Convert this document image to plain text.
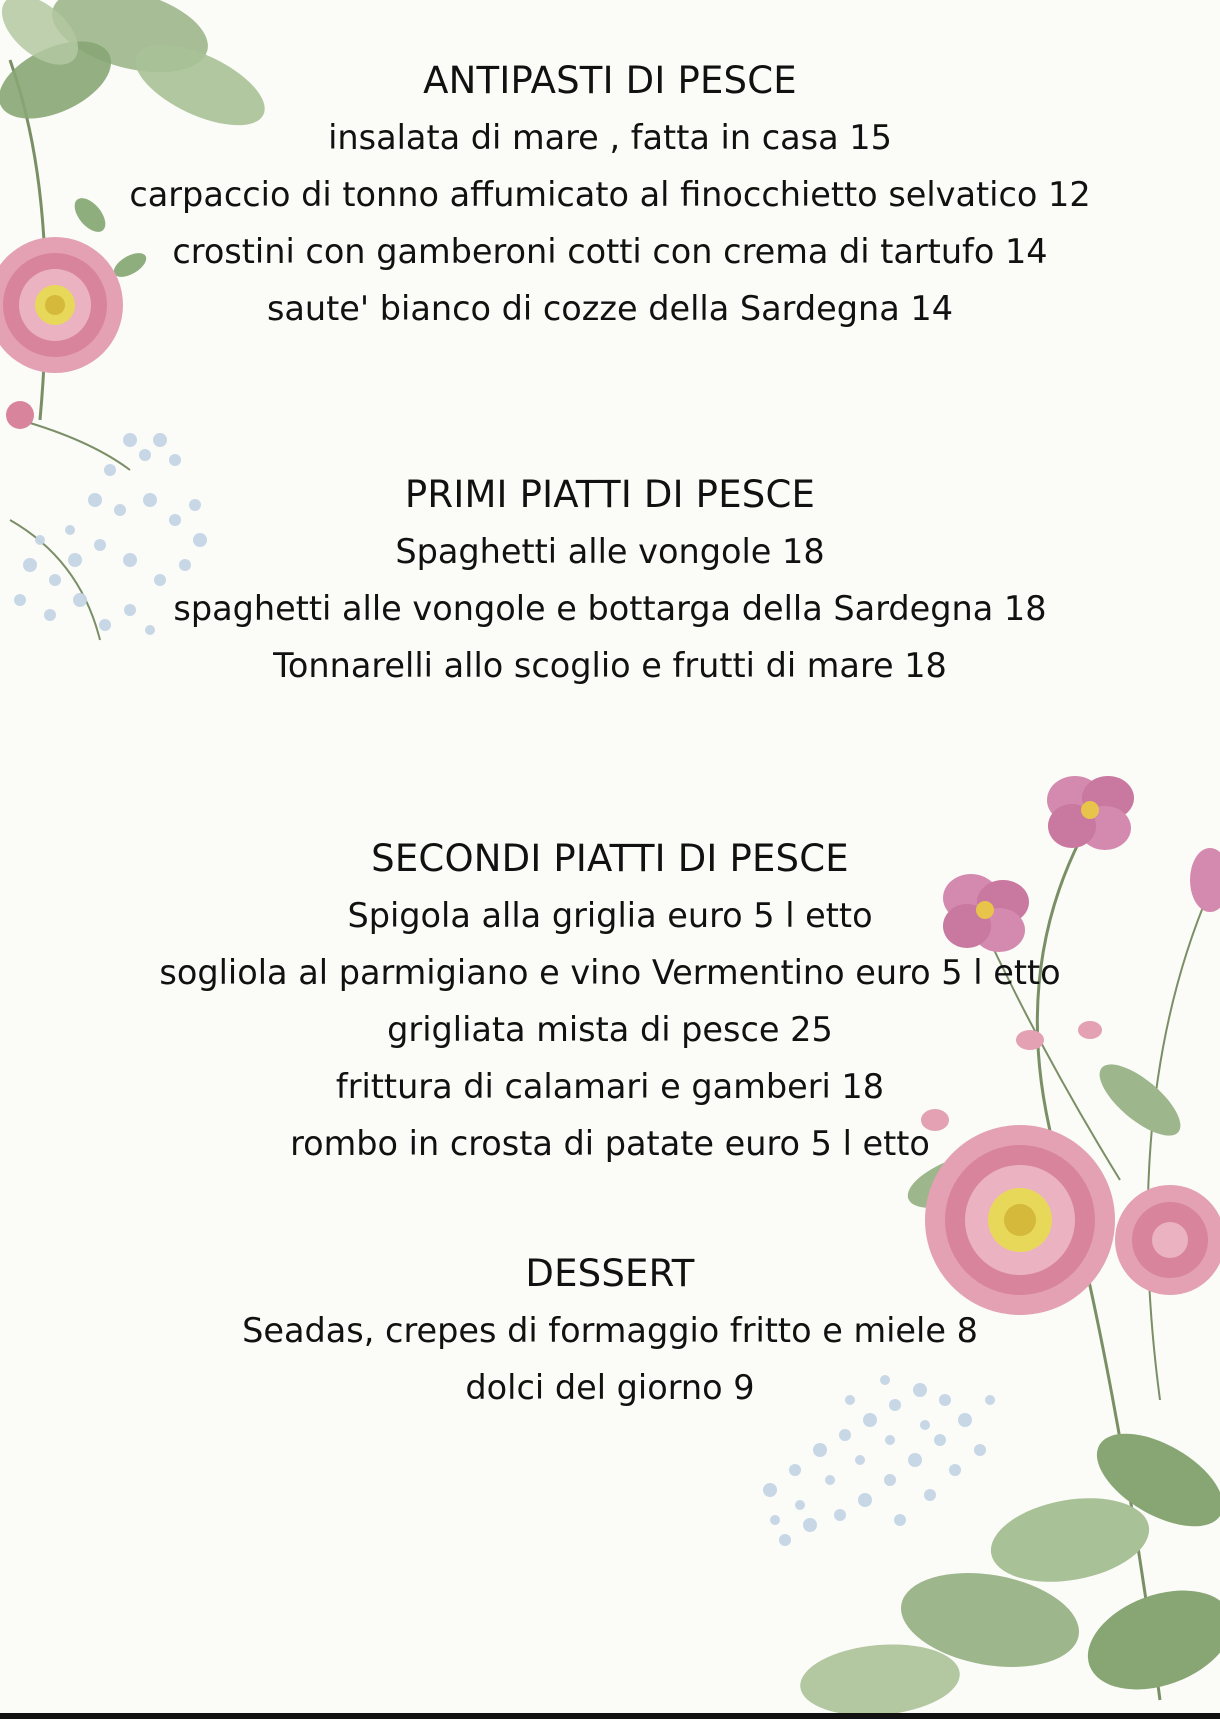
ANTIPASTI DI PESCE
insalata di mare , fatta in casa 15
carpaccio di tonno affumicato al finocchietto selvatico 12
crostini con gamberoni cotti con crema di tartufo 14
saute' bianco di cozze della Sardegna 14
PRIMI PIATTI DI PESCE
Spaghetti alle vongole 18
spaghetti alle vongole e bottarga della Sardegna 18
Tonnarelli allo scoglio e frutti di mare 18
SECONDI PIATTI DI PESCE
Spigola alla griglia euro 5 l etto
sogliola al parmigiano e vino Vermentino euro 5 l etto
grigliata mista di pesce 25
frittura di calamari e gamberi 18
rombo in crosta di patate euro 5 l etto
DESSERT
Seadas, crepes di formaggio fritto e miele 8
dolci del giorno 9
